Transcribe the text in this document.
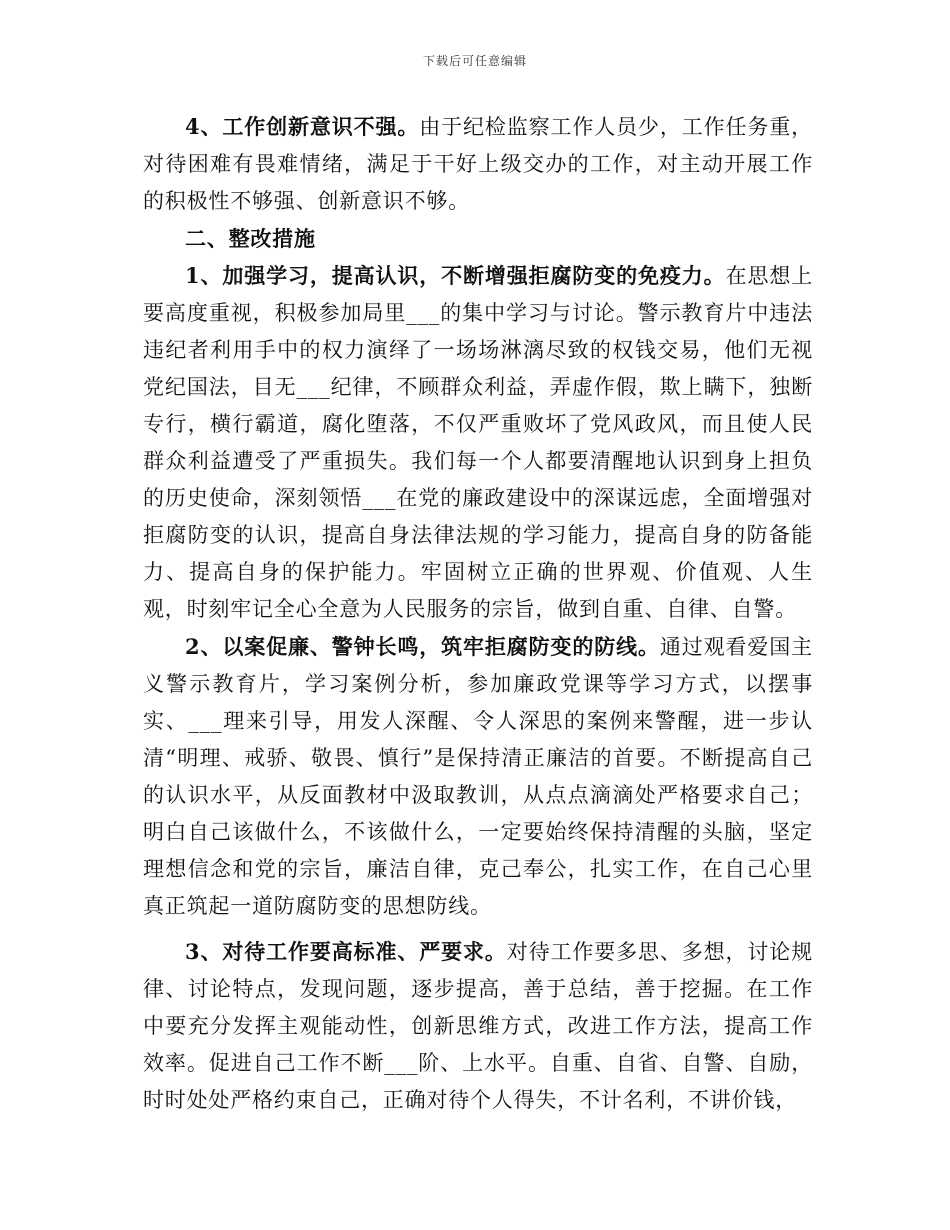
下载后可任意编辑

4、工作创新意识不强。由于纪检监察工作人员少，工作任务重，对待困难有畏难情绪，满足于干好上级交办的工作，对主动开展工作的积极性不够强、创新意识不够。

二、整改措施

1、加强学习，提高认识，不断增强拒腐防变的免疫力。在思想上要高度重视，积极参加局里___的集中学习与讨论。警示教育片中违法违纪者利用手中的权力演绎了一场场淋漓尽致的权钱交易，他们无视党纪国法，目无___纪律，不顾群众利益，弄虚作假，欺上瞒下，独断专行，横行霸道，腐化堕落，不仅严重败坏了党风政风，而且使人民群众利益遭受了严重损失。我们每一个人都要清醒地认识到身上担负的历史使命，深刻领悟___在党的廉政建设中的深谋远虑，全面增强对拒腐防变的认识，提高自身法律法规的学习能力，提高自身的防备能力、提高自身的保护能力。牢固树立正确的世界观、价值观、人生观，时刻牢记全心全意为人民服务的宗旨，做到自重、自律、自警。

2、以案促廉、警钟长鸣，筑牢拒腐防变的防线。通过观看爱国主义警示教育片，学习案例分析，参加廉政党课等学习方式，以摆事实、___理来引导，用发人深醒、令人深思的案例来警醒，进一步认清“明理、戒骄、敬畏、慎行”是保持清正廉洁的首要。不断提高自己的认识水平，从反面教材中汲取教训，从点点滴滴处严格要求自己；明白自己该做什么，不该做什么，一定要始终保持清醒的头脑，坚定理想信念和党的宗旨，廉洁自律，克己奉公，扎实工作，在自己心里真正筑起一道防腐防变的思想防线。

3、对待工作要高标准、严要求。对待工作要多思、多想，讨论规律、讨论特点，发现问题，逐步提高，善于总结，善于挖掘。在工作中要充分发挥主观能动性，创新思维方式，改进工作方法，提高工作效率。促进自己工作不断___阶、上水平。自重、自省、自警、自励，时时处处严格约束自己，正确对待个人得失，不计名利，不讲价钱，
